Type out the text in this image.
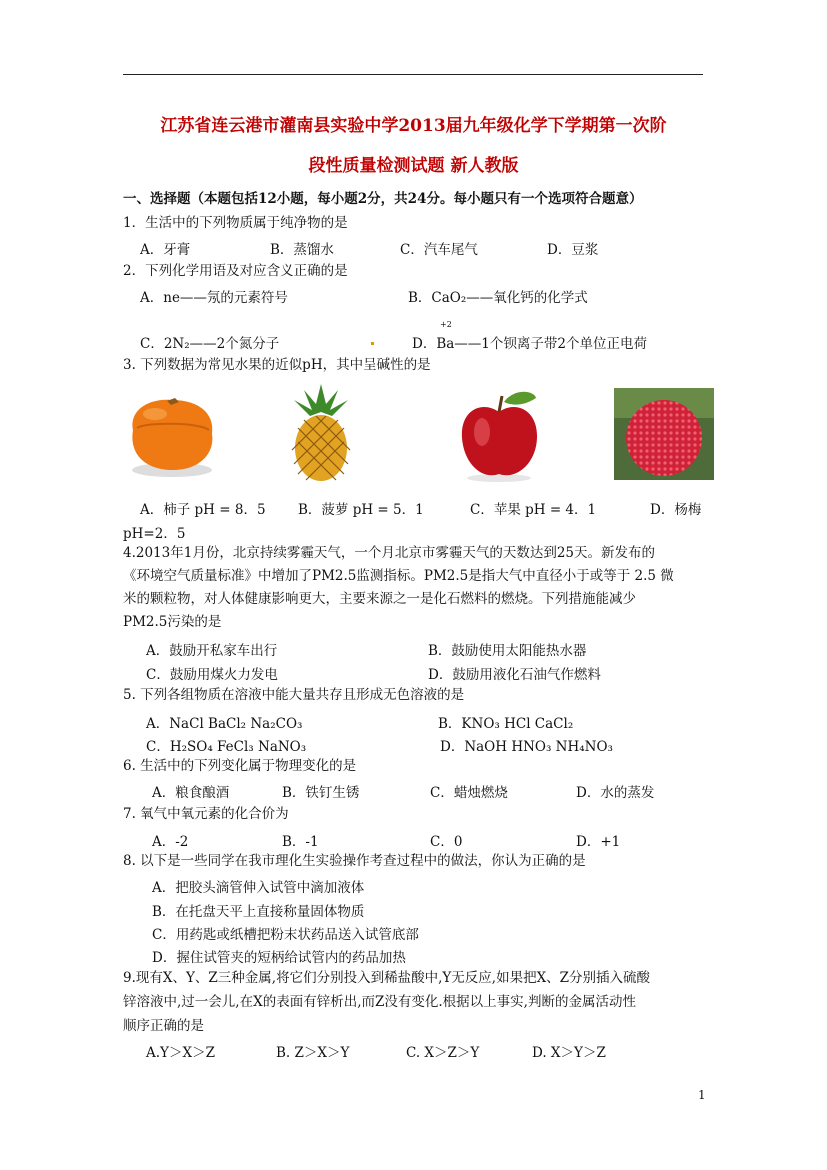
江苏省连云港市灌南县实验中学2013届九年级化学下学期第一次阶
段性质量检测试题 新人教版
一、选择题（本题包括12小题，每小题2分，共24分。每小题只有一个选项符合题意）
1．生活中的下列物质属于纯净物的是
A．牙膏	B．蒸馏水	C．汽车尾气	D．豆浆
2．下列化学用语及对应含义正确的是
A．ne——氖的元素符号	B．CaO₂——氧化钙的化学式
C．2N₂——2个氮分子
+2
D．Ba——1个钡离子带2个单位正电荷
3. 下列数据为常见水果的近似pH，其中呈碱性的是
A．柿子 pH = 8．5 B．菠萝 pH = 5．1	C．苹果 pH = 4．1	D．杨梅
pH=2．5
4.2013年1月份，北京持续雾霾天气，一个月北京市雾霾天气的天数达到25天。新发布的
《环境空气质量标准》中增加了PM2.5监测指标。PM2.5是指大气中直径小于或等于 2.5 微
米的颗粒物，对人体健康影响更大，主要来源之一是化石燃料的燃烧。下列措施能减少
PM2.5污染的是
A．鼓励开私家车出行	B．鼓励使用太阳能热水器
C．鼓励用煤火力发电	D．鼓励用液化石油气作燃料
5. 下列各组物质在溶液中能大量共存且形成无色溶液的是
A．NaCl BaCl₂ Na₂CO₃	B．KNO₃ HCl CaCl₂
C．H₂SO₄ FeCl₃ NaNO₃	D．NaOH HNO₃ NH₄NO₃
6. 生活中的下列变化属于物理变化的是
A．粮食酿酒	B．铁钉生锈	C．蜡烛燃烧	D．水的蒸发
7. 氧气中氧元素的化合价为
A．-2	B．-1	C．0	D．+1
8. 以下是一些同学在我市理化生实验操作考查过程中的做法，你认为正确的是
A．把胶头滴管伸入试管中滴加液体
B．在托盘天平上直接称量固体物质
C．用药匙或纸槽把粉末状药品送入试管底部
D．握住试管夹的短柄给试管内的药品加热
9.现有X、Y、Z三种金属,将它们分别投入到稀盐酸中,Y无反应,如果把X、Z分别插入硫酸
锌溶液中,过一会儿,在X的表面有锌析出,而Z没有变化.根据以上事实,判断的金属活动性
顺序正确的是
A.Y＞X＞Z	B. Z＞X＞Y	C. X＞Z＞Y	D. X＞Y＞Z
1
